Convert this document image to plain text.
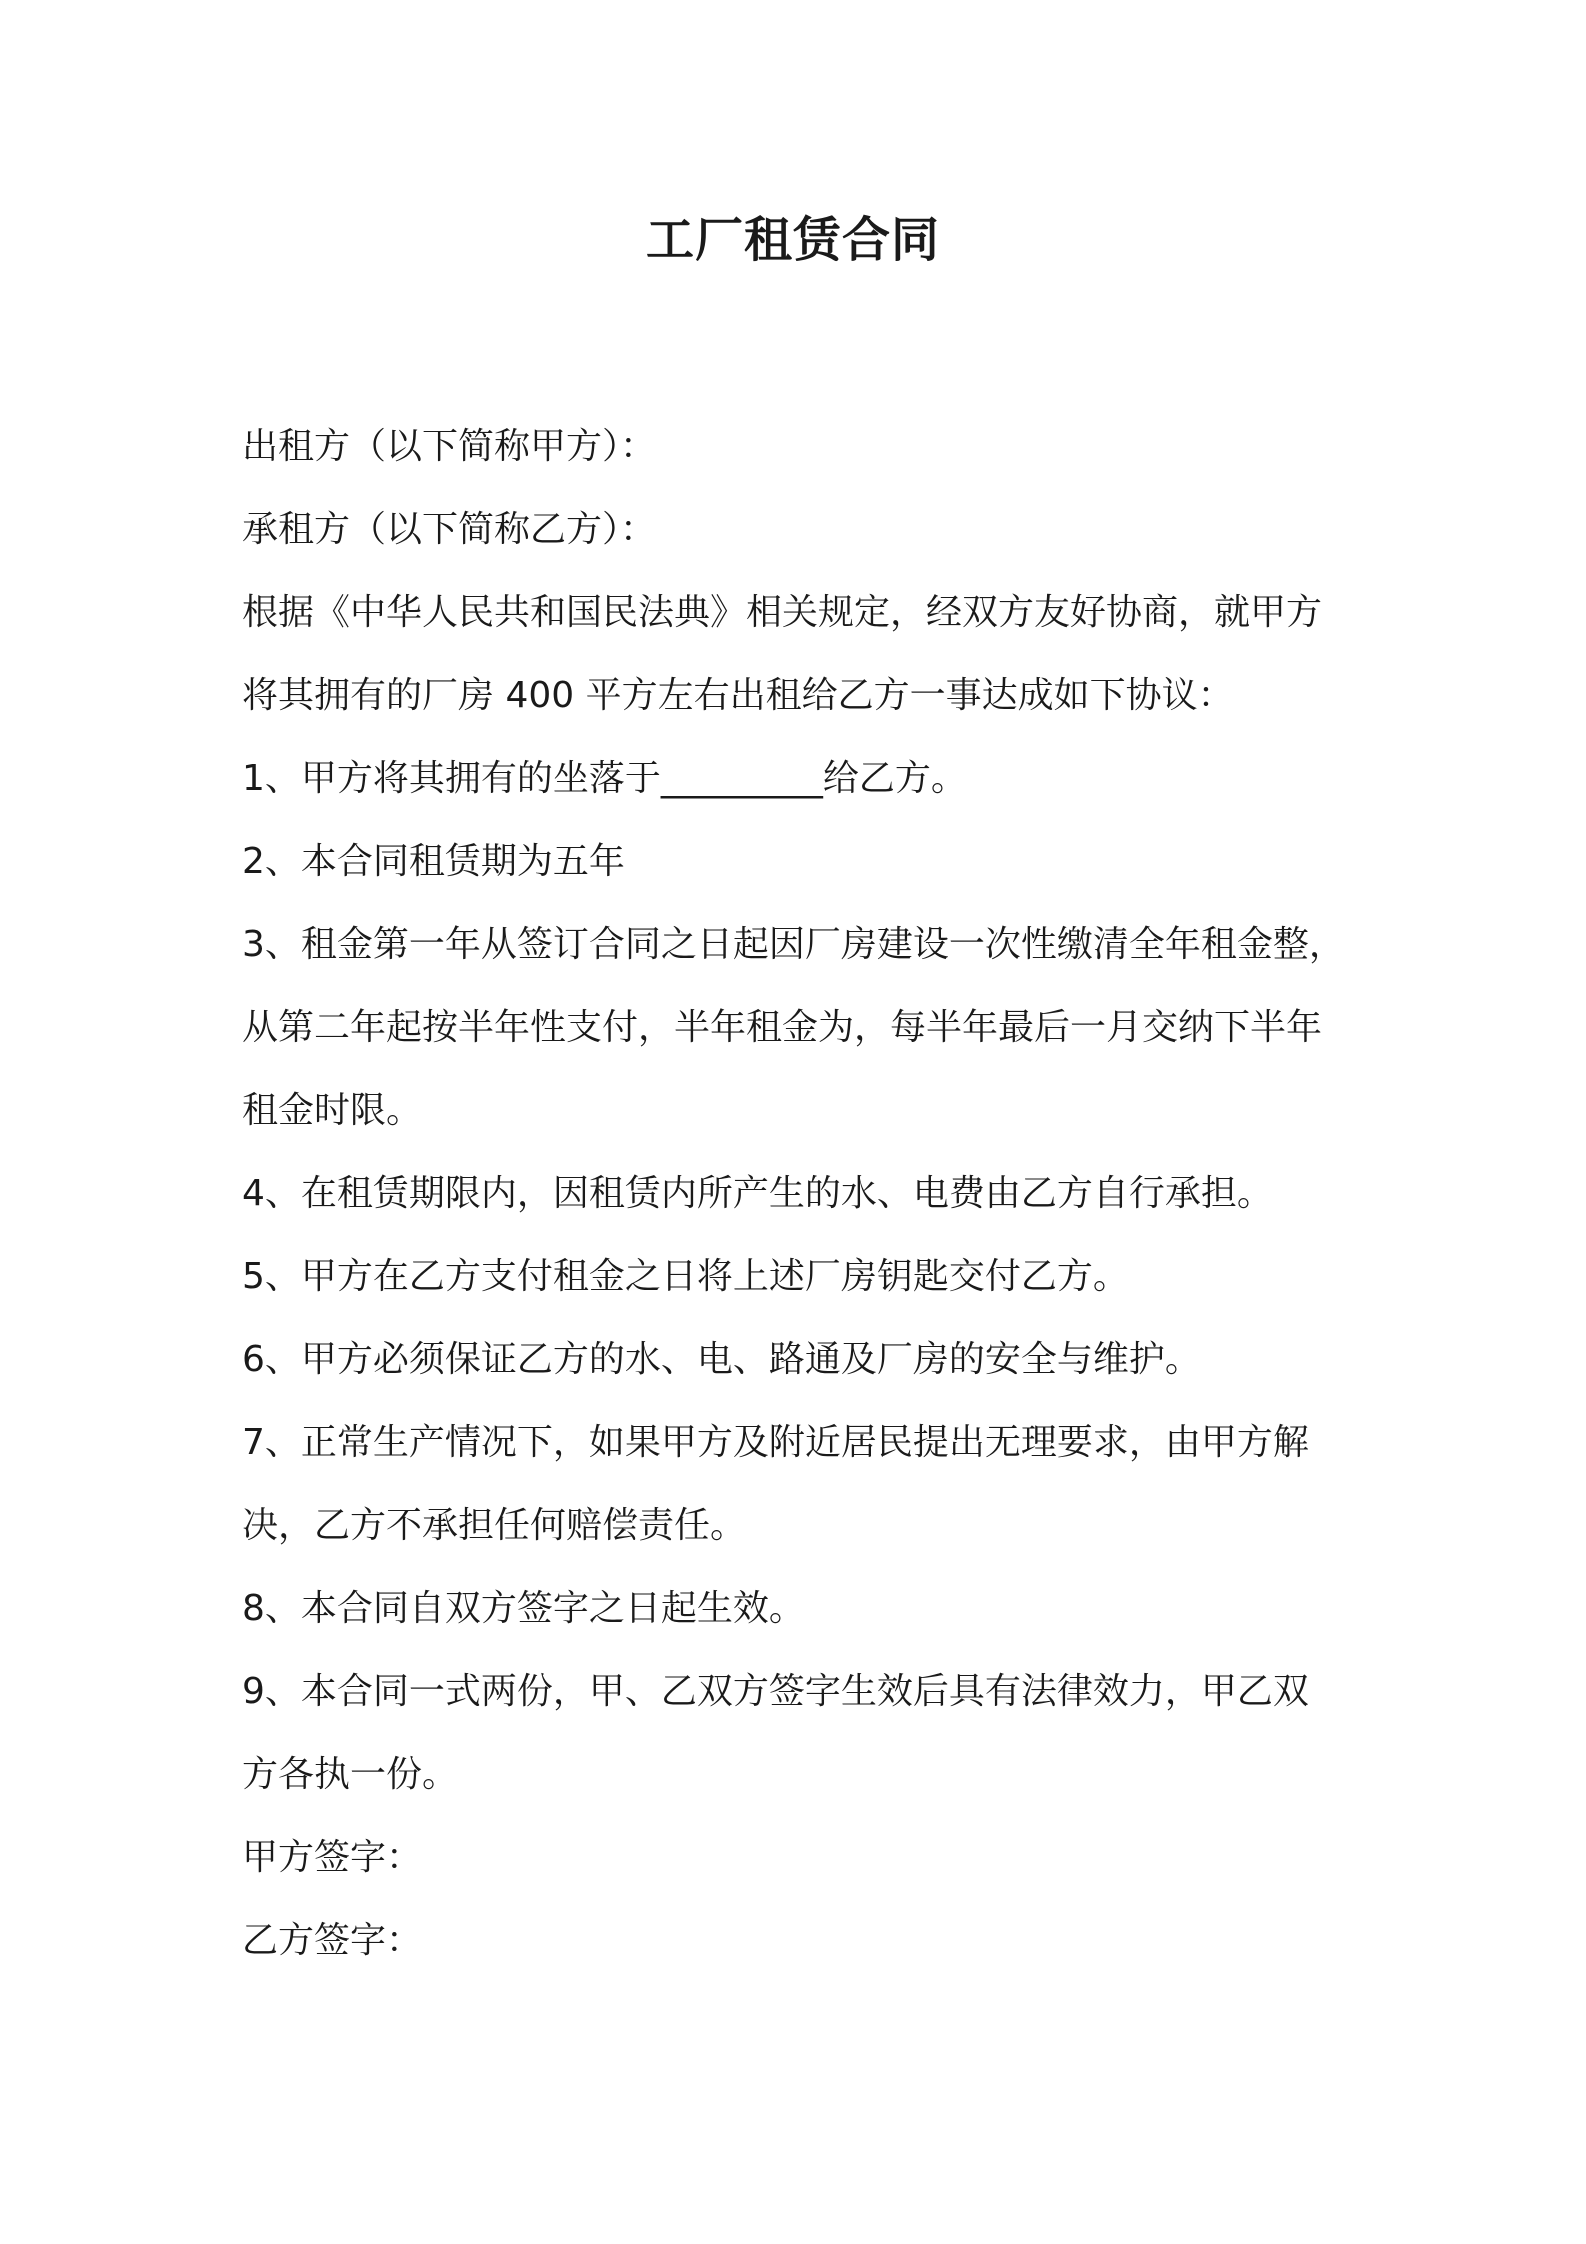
工厂租赁合同

出租方（以下简称甲方）：

承租方（以下简称乙方）：

根据《中华人民共和国民法典》相关规定，经双方友好协商，就甲方

将其拥有的厂房 400 平方左右出租给乙方一事达成如下协议：

1、甲方将其拥有的坐落于_________给乙方。

2、本合同租赁期为五年

3、租金第一年从签订合同之日起因厂房建设一次性缴清全年租金整，

从第二年起按半年性支付，半年租金为，每半年最后一月交纳下半年

租金时限。

4、在租赁期限内，因租赁内所产生的水、电费由乙方自行承担。

5、甲方在乙方支付租金之日将上述厂房钥匙交付乙方。

6、甲方必须保证乙方的水、电、路通及厂房的安全与维护。

7、正常生产情况下，如果甲方及附近居民提出无理要求，由甲方解

决，乙方不承担任何赔偿责任。

8、本合同自双方签字之日起生效。

9、本合同一式两份，甲、乙双方签字生效后具有法律效力，甲乙双

方各执一份。

甲方签字：

乙方签字：
